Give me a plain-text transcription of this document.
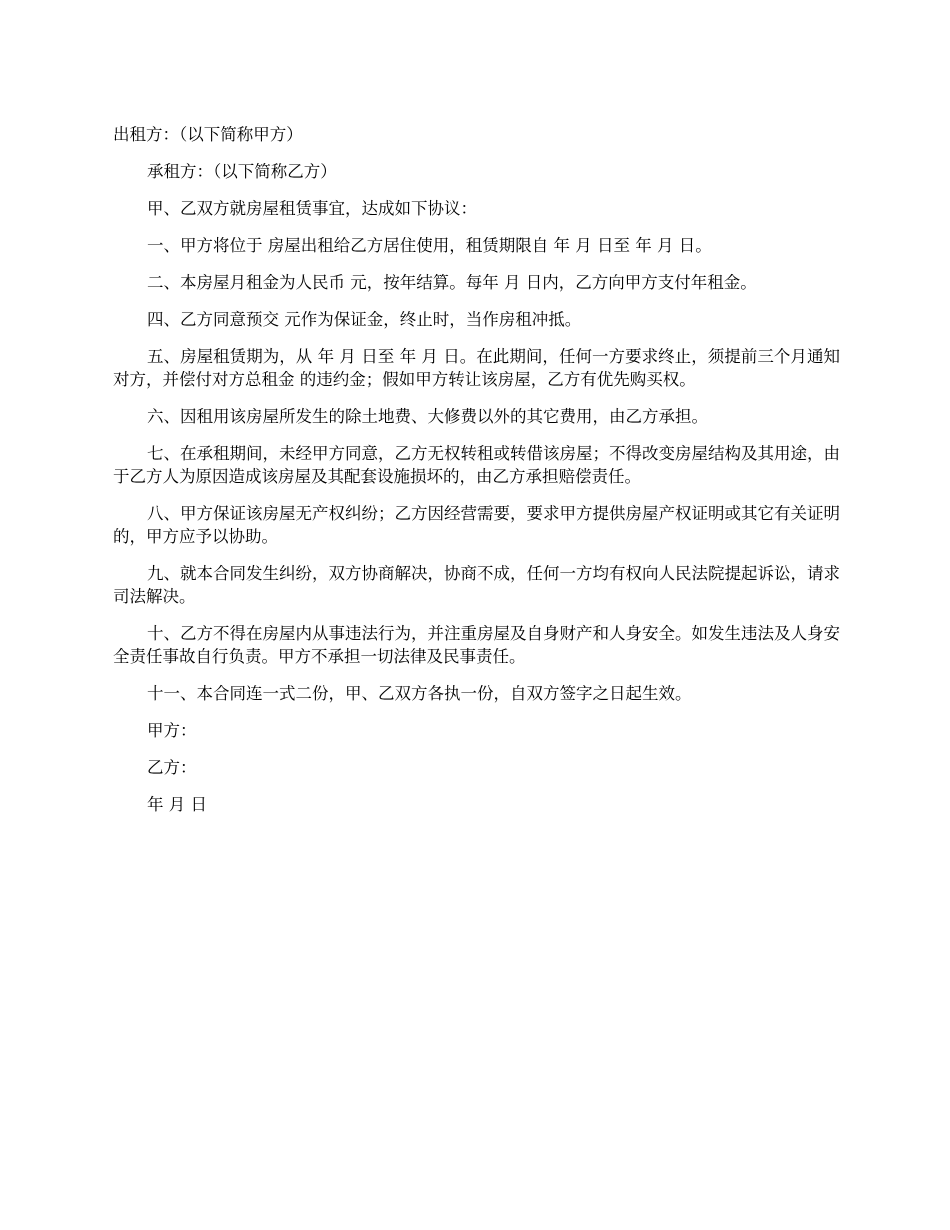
出租方：（以下简称甲方）

承租方：（以下简称乙方）

甲、乙双方就房屋租赁事宜，达成如下协议：

一、甲方将位于 房屋出租给乙方居住使用，租赁期限自 年 月 日至 年 月 日。

二、本房屋月租金为人民币 元，按年结算。每年 月 日内，乙方向甲方支付年租金。

四、乙方同意预交 元作为保证金，终止时，当作房租冲抵。

五、房屋租赁期为，从 年 月 日至 年 月 日。在此期间，任何一方要求终止，须提前三个月通知对方，并偿付对方总租金 的违约金；假如甲方转让该房屋，乙方有优先购买权。

六、因租用该房屋所发生的除土地费、大修费以外的其它费用，由乙方承担。

七、在承租期间，未经甲方同意，乙方无权转租或转借该房屋；不得改变房屋结构及其用途，由于乙方人为原因造成该房屋及其配套设施损坏的，由乙方承担赔偿责任。

八、甲方保证该房屋无产权纠纷；乙方因经营需要，要求甲方提供房屋产权证明或其它有关证明的，甲方应予以协助。

九、就本合同发生纠纷，双方协商解决，协商不成，任何一方均有权向人民法院提起诉讼，请求司法解决。

十、乙方不得在房屋内从事违法行为，并注重房屋及自身财产和人身安全。如发生违法及人身安全责任事故自行负责。甲方不承担一切法律及民事责任。

十一、本合同连一式二份，甲、乙双方各执一份，自双方签字之日起生效。

甲方：

乙方：

年 月 日
